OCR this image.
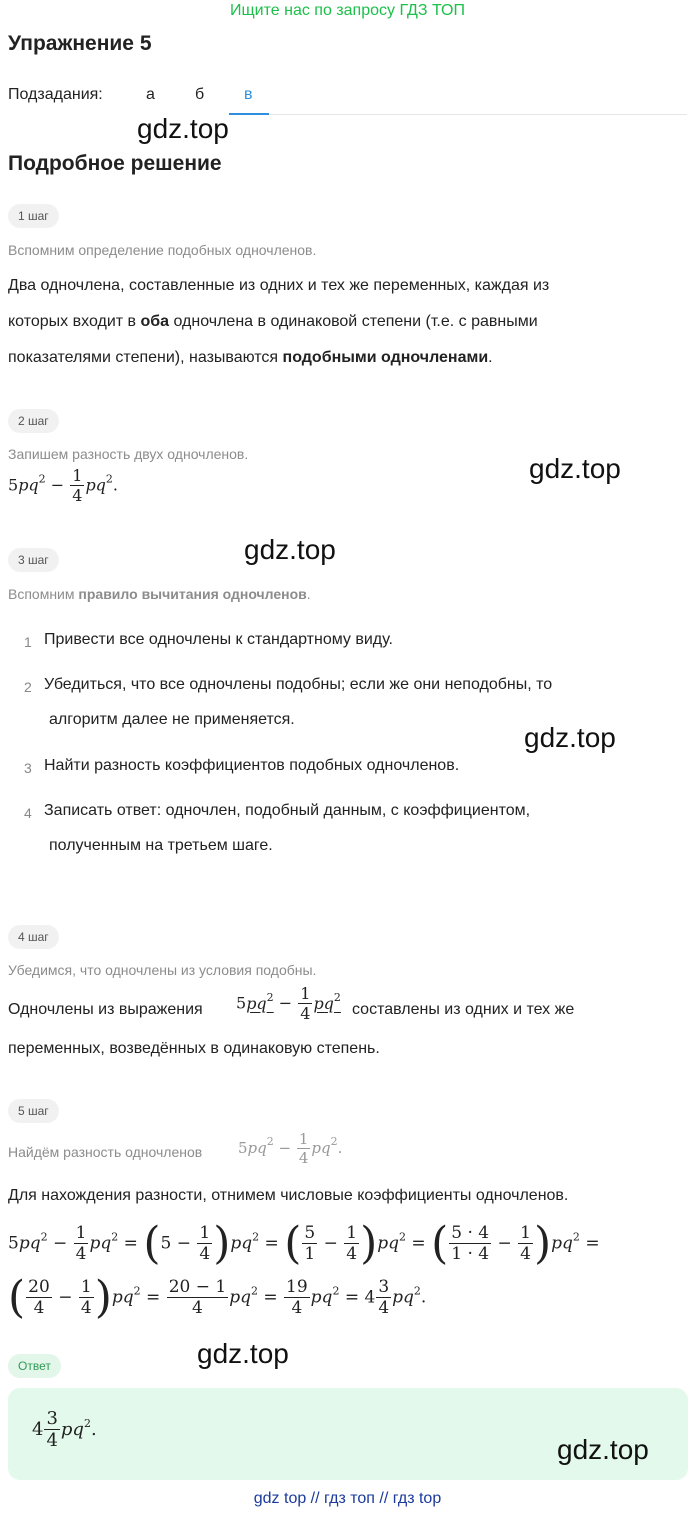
Ищите нас по запросу ГДЗ ТОП
Упражнение 5
Подзадания:	а	б в
gdz.top
Подробное решение
1 шаг
Вспомним определение подобных одночленов.
Два одночлена, составленные из одних и тех же переменных, каждая из
которых входит в оба одночлена в одинаковой степени (т.е. с равными
показателями степени), называются подобными одночленами.
2 шаг
Запишем разность двух одночленов.
$5pq^2 - \frac{1}{4} pq^2$.
gdz.top
gdz.top
3 шаг
Вспомним правило вычитания одночленов.
1 Привести все одночлены к стандартному виду.
2 Убедиться, что все одночлены подобны; если же они неподобны, то
алгоритм далее не применяется.
gdz.top
3 Найти разность коэффициентов подобных одночленов.
4 Записать ответ: одночлен, подобный данным, с коэффициентом,
полученным на третьем шаге.
4 шаг
Убедимся, что одночлены из условия подобны.
Одночлены из выражения $5pq^2 - \frac{1}{4} pq^2$
составлены из одних и тех же
переменных, возведённых в одинаковую степень.
5 шаг
Найдём разность одночленов $5pq^2 - \frac{1}{4} pq^2$.
Для нахождения разности, отнимем числовые коэффициенты одночленов.
$5pq^2 - \frac{1}{4} pq^2 = (5 - \frac{1}{4} )pq^2$ = ( $\frac{5}{1} - \frac{1}{4} )pq^2$ = ( $\frac{5 \cdot 4}{1 \cdot 4} - \frac{1}{4} )pq^2$ =
( $\frac{20}{4} - \frac{1}{4} )pq^2 = \frac{20 - 1}{4} pq^2 = \frac{19}{4} pq^2 = 4 \frac{3}{4} pq^2$.
Ответ	gdz.top
$4 \frac{3}{4} pq^2$.
gdz.top
gdz top // гдз топ // гдз top
